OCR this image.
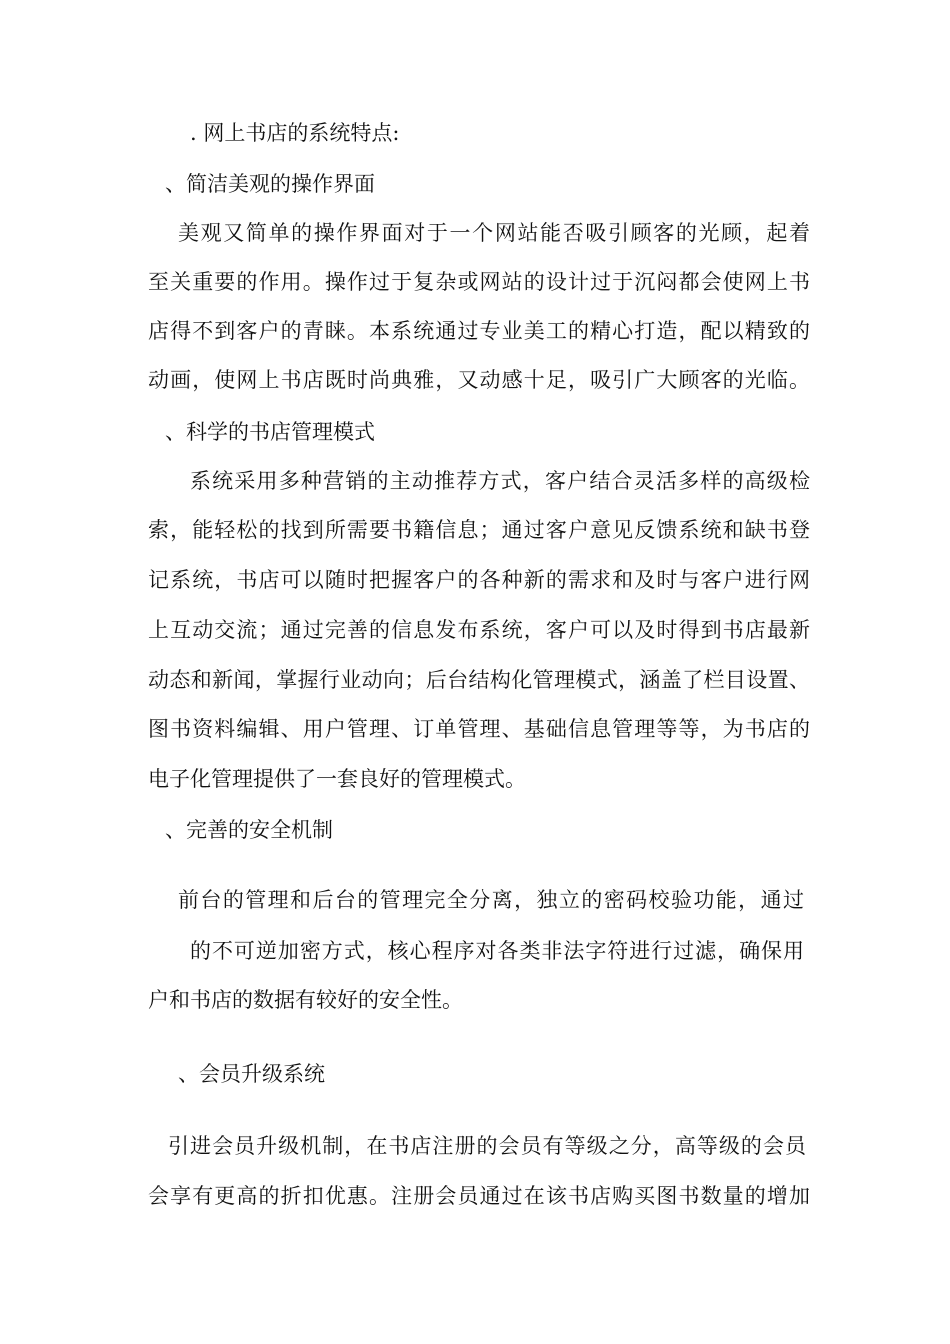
. 网上书店的系统特点:
、简洁美观的操作界面
美观又简单的操作界面对于一个网站能否吸引顾客的光顾，起着
至关重要的作用。操作过于复杂或网站的设计过于沉闷都会使网上书
店得不到客户的青睐。本系统通过专业美工的精心打造，配以精致的
动画，使网上书店既时尚典雅，又动感十足，吸引广大顾客的光临。
、科学的书店管理模式
系统采用多种营销的主动推荐方式，客户结合灵活多样的高级检
索，能轻松的找到所需要书籍信息；通过客户意见反馈系统和缺书登
记系统，书店可以随时把握客户的各种新的需求和及时与客户进行网
上互动交流；通过完善的信息发布系统，客户可以及时得到书店最新
动态和新闻，掌握行业动向；后台结构化管理模式，涵盖了栏目设置、
图书资料编辑、用户管理、订单管理、基础信息管理等等，为书店的
电子化管理提供了一套良好的管理模式。
、完善的安全机制
前台的管理和后台的管理完全分离，独立的密码校验功能，通过
的不可逆加密方式，核心程序对各类非法字符进行过滤，确保用
户和书店的数据有较好的安全性。
、会员升级系统
引进会员升级机制，在书店注册的会员有等级之分，高等级的会员
会享有更高的折扣优惠。注册会员通过在该书店购买图书数量的增加
